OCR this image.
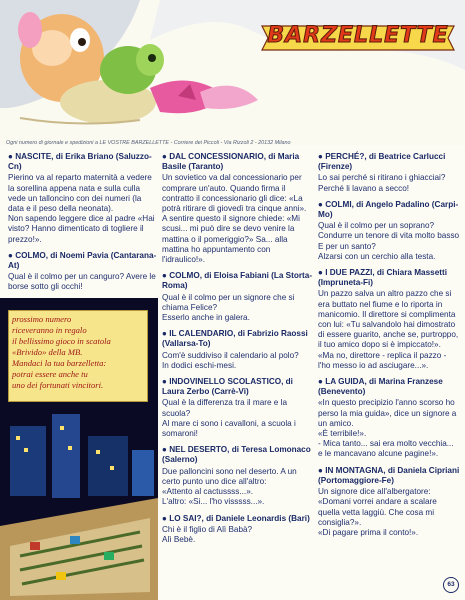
BARZELLETTE
Ogni numero di giornale e spedizioni a LE VOSTRE BARZELLETTE - Corriere dei Piccoli - Via Rizzoli 2 - 20132 Milano
● NASCITE, di Erika Briano (Saluzzo-Cn)

Pierino va al reparto maternità a vedere la sorellina appena nata e sulla culla vede un talloncino con dei numeri (la data e il peso della neonata).

Non sapendo leggere dice al padre «Hai visto? Hanno dimenticato di togliere il prezzo!».

● COLMO, di Noemi Pavia (Cantarana-At)

Qual è il colmo per un canguro? Avere le borse sotto gli occhi!

prossimo numero
riceveranno in regalo
il bellissimo gioco in scatola
«Brivido» della MB.
Mandaci la tua barzelletta:
potrai essere anche tu
uno dei fortunati vincitori.
● DAL CONCESSIONARIO, di Maria Basile (Taranto)

Un sovietico va dal concessionario per comprare un'auto. Quando firma il contratto il concessionario gli dice: «La potrà ritirare di giovedì tra cinque anni».

A sentire questo il signore chiede: «Mi scusi... mi può dire se devo venire la mattina o il pomeriggio?» Sa... alla mattina ho appuntamento con l'idraulico!».

● COLMO, di Eloisa Fabiani (La Storta-Roma)

Qual è il colmo per un signore che si chiama Felice?

Esserlo anche in galera.

● IL CALENDARIO, di Fabrizio Raossi (Vallarsa-To)

Com'è suddiviso il calendario al polo?

In dodici eschi-mesi.

● INDOVINELLO SCOLASTICO, di Laura Zerbo (Carrè-Vi)

Qual è la differenza tra il mare e la scuola?

Al mare ci sono i cavalloni, a scuola i somaroni!

● NEL DESERTO, di Teresa Lomonaco (Salerno)

Due palloncini sono nel deserto. A un certo punto uno dice all'altro:

«Attento al cactussss...».

L'altro: «Si... l'ho visssss...».

● LO SAI?, di Daniele Leonardis (Bari)

Chi è il figlio di Alì Babà?

Alì Bebè.

● PERCHÉ?, di Beatrice Carlucci (Firenze)

Lo sai perché si ritirano i ghiacciai?

Perché li lavano a secco!

● COLMI, di Angelo Padalino (Carpi-Mo)

Qual è il colmo per un soprano? Condurre un tenore di vita molto basso

E per un santo?

Alzarsi con un cerchio alla testa.

● I DUE PAZZI, di Chiara Massetti (Impruneta-Fi)

Un pazzo salva un altro pazzo che si era buttato nel fiume e lo riporta in manicomio. Il direttore si complimenta con lui: «Tu salvandolo hai dimostrato di essere guarito, anche se, purtroppo, il tuo amico dopo si è impiccato!».

«Ma no, direttore - replica il pazzo - l'ho messo io ad asciugare...».

● LA GUIDA, di Marina Franzese (Benevento)

«In questo precipizio l'anno scorso ho perso la mia guida», dice un signore a un amico.

«È terribile!».

- Mica tanto... sai era molto vecchia... e le mancavano alcune pagine!».

● IN MONTAGNA, di Daniela Cipriani (Portomaggiore-Fe)

Un signore dice all'albergatore:

«Domani vorrei andare a scalare quella vetta laggiù. Che cosa mi consiglia?».

«Di pagare prima il conto!».

63
